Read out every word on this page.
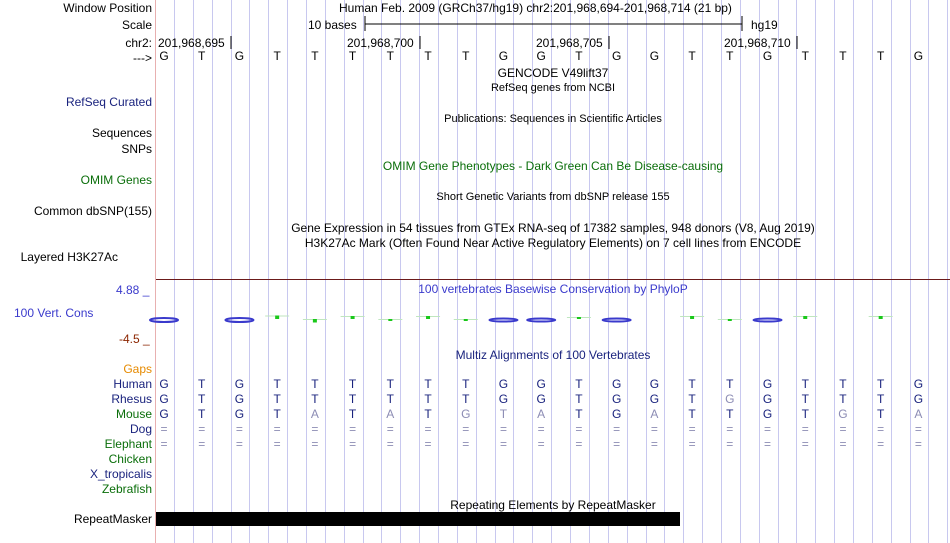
Window Position	Human Feb. 2009 (GRCh37/hg19) chr2:201,968,694-201,968,714 (21 bp)
Scale	10 bases	hg19
chr2: 201,968,695	201,968,700	201,968,705	201,968,710
---> G	T	G	T	T	T	T	T	T	G	G	T	G	G	T	T	G	T	T	T	G
GENCODE V49lift37
RefSeq genes from NCBI
RefSeq Curated
Publications: Sequences in Scientific Articles
Sequences
SNPs
OMIM Gene Phenotypes - Dark Green Can Be Disease-causing
OMIM Genes
Short Genetic Variants from dbSNP release 155
Common dbSNP(155)
Gene Expression in 54 tissues from GTEx RNA-seq of 17382 samples, 948 donors (V8, Aug 2019)
H3K27Ac Mark (Often Found Near Active Regulatory Elements) on 7 cell lines from ENCODE
Layered H3K27Ac
100 vertebrates Basewise Conservation by PhyloP
4.88 _
100 Vert. Cons
-4.5 _
Multiz Alignments of 100 Vertebrates
Gaps
Human G	T	G	T	T	T	T	T	T	G	G	T	G	G	T	T	G	T	T	T	G
Rhesus G	T	G	T	T	T	T	T	T	G	G	T	G	G	T	G	G	T	T	T	G
Mouse G	T	G	T	A	T	A	T	G	T	A	T	G	A	T	T	G	T	G	T	A
Dog =	=	=	=	=	=	=	=	=	=	=	=	=	=	=	=	=	=	=	=	=
Elephant =	=	=	=	=	=	=	=	=	=	=	=	=	=	=	=	=	=	=	=	=
Chicken
X_tropicalis
Zebrafish
Repeating Elements by RepeatMasker
RepeatMasker
